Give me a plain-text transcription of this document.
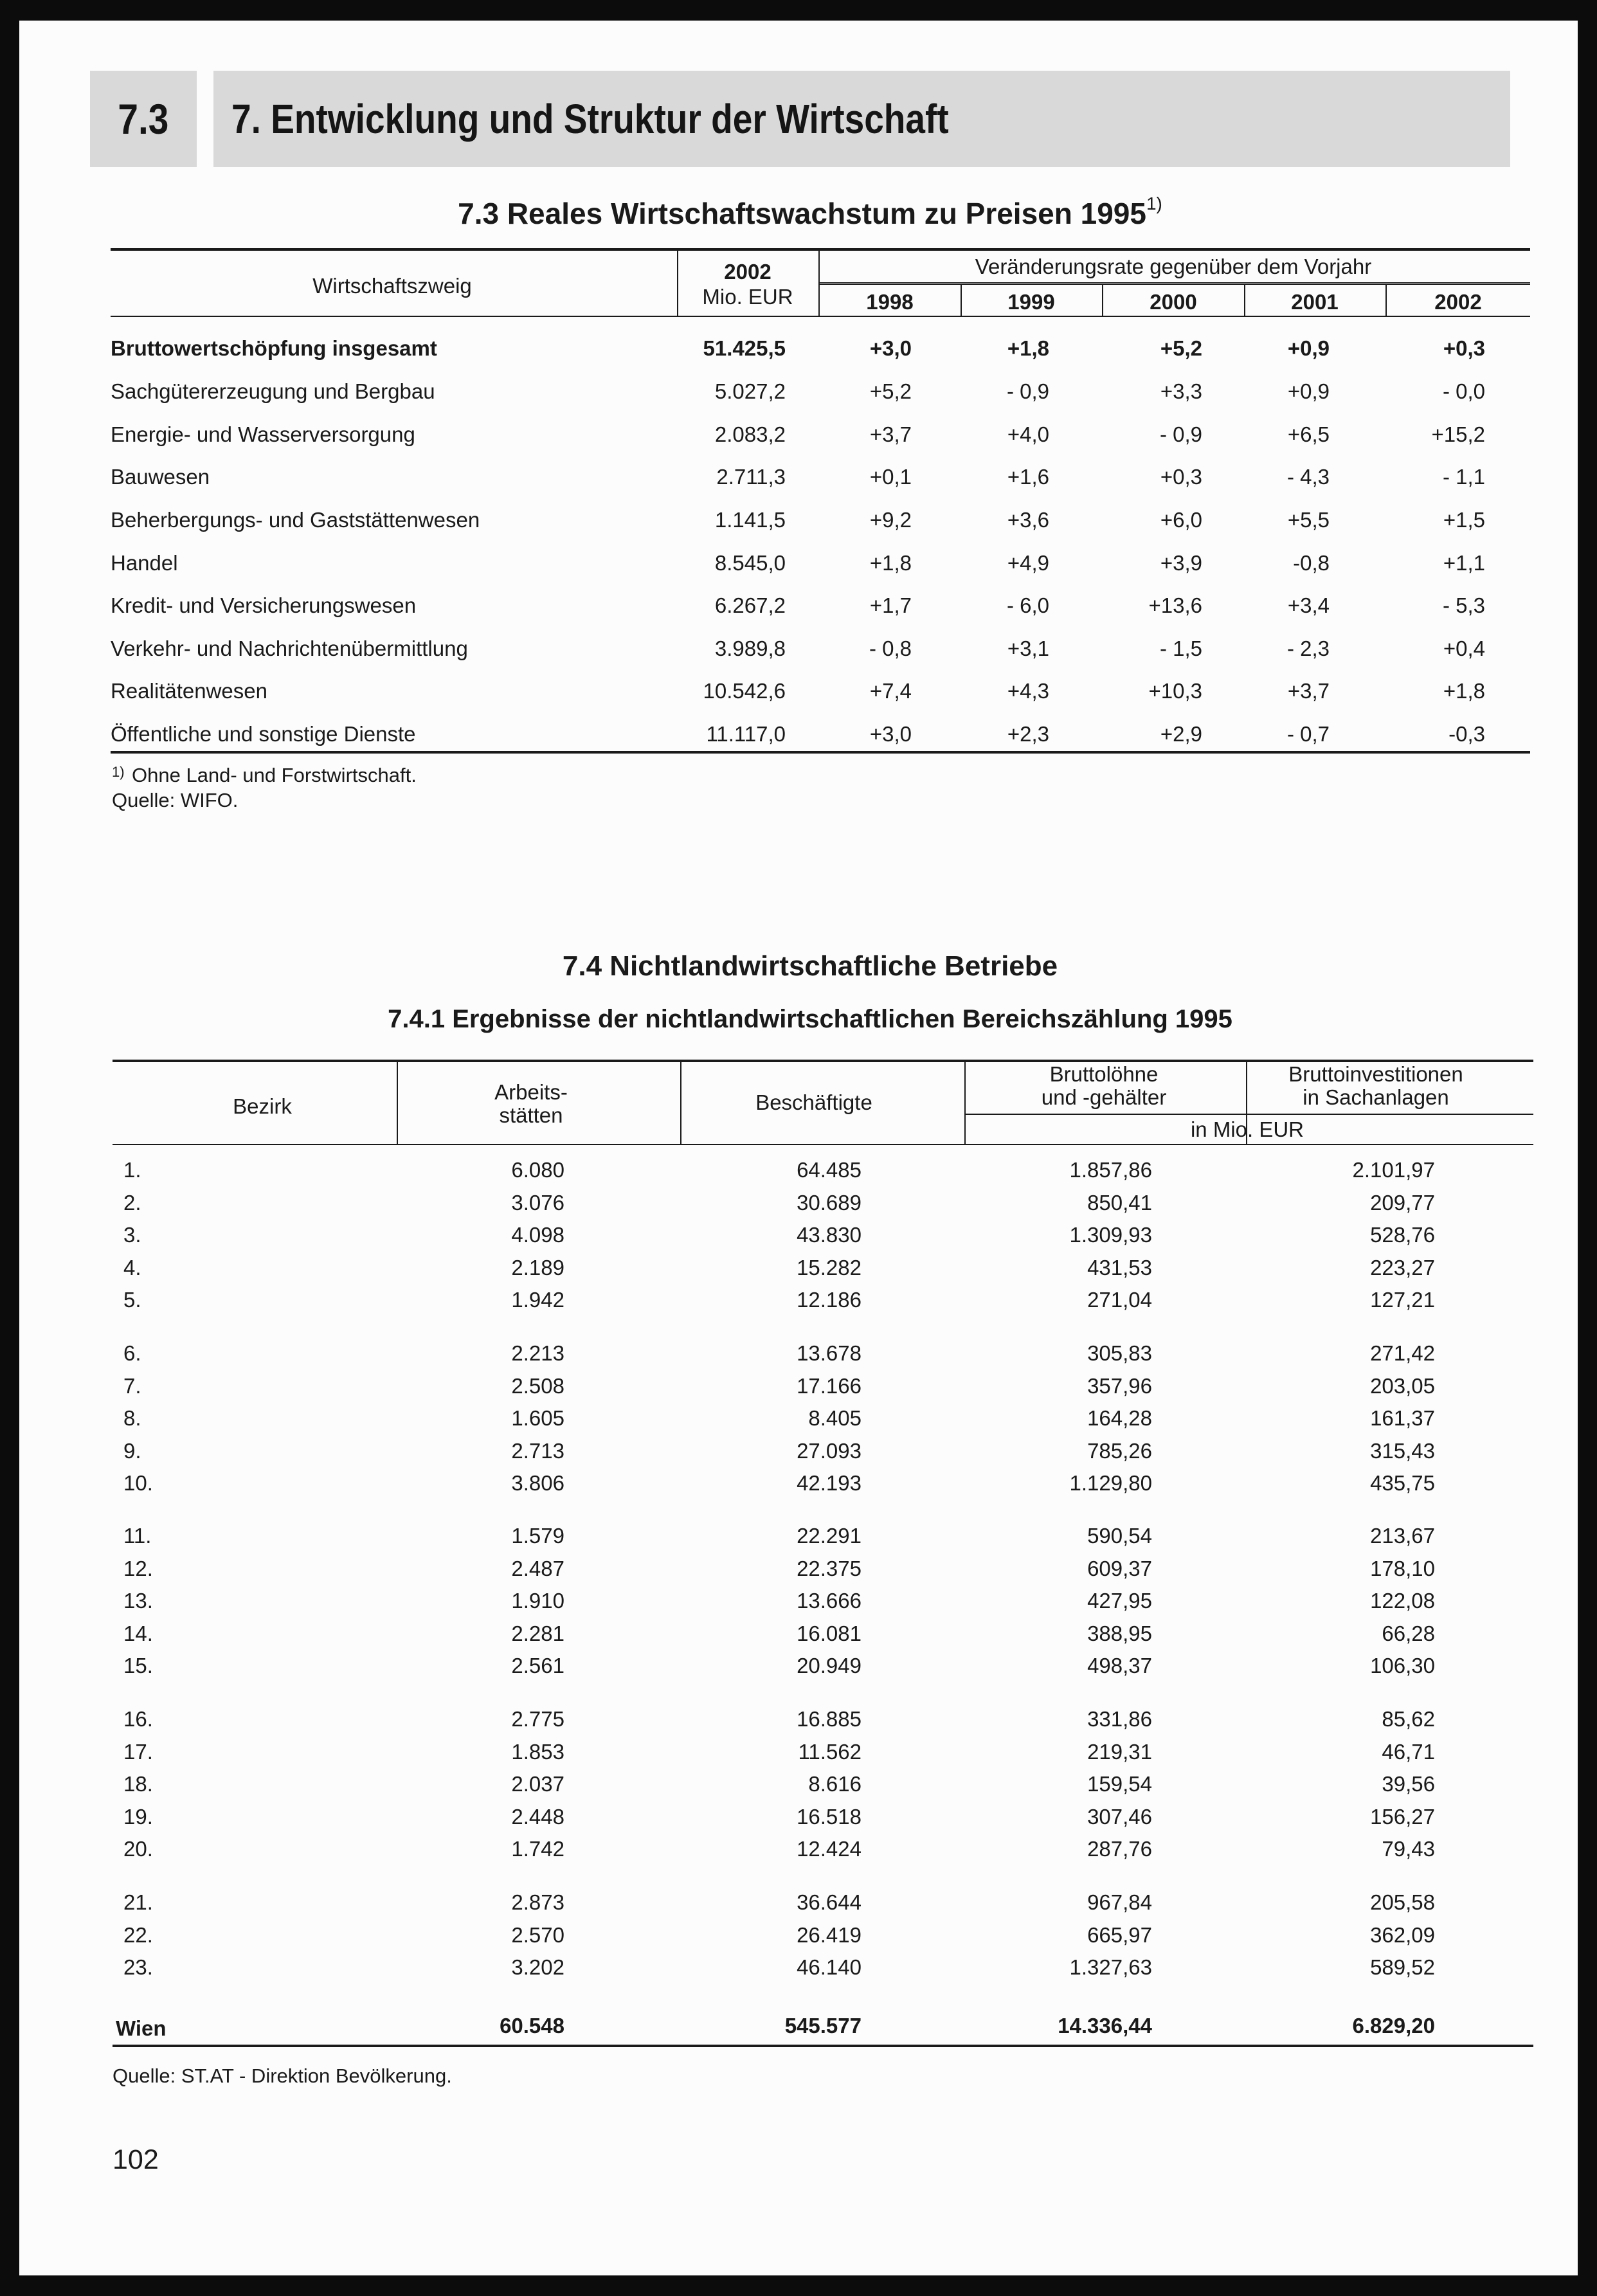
7.3 7. Entwicklung und Struktur der Wirtschaft
7.3 Reales Wirtschaftswachstum zu Preisen 1995$^{1)}$
Wirtschaftszweig
2002
Mio. EUR
Veränderungsrate gegenüber dem Vorjahr
1998	1999	2000	2001	2002
Bruttowertschöpfung insgesamt	51.425,5	+3,0	+1,8	+5,2	+0,9	+0,3
Sachgütererzeugung und Bergbau	5.027,2	+5,2	- 0,9	+3,3	+0,9	- 0,0
Energie- und Wasserversorgung	2.083,2	+3,7	+4,0	- 0,9	+6,5	+15,2
Bauwesen	2.711,3	+0,1	+1,6	+0,3	- 4,3	- 1,1
Beherbergungs- und Gaststättenwesen	1.141,5	+9,2	+3,6	+6,0	+5,5	+1,5
Handel	8.545,0	+1,8	+4,9	+3,9	-0,8	+1,1
Kredit- und Versicherungswesen	6.267,2	+1,7	- 6,0	+13,6	+3,4	- 5,3
Verkehr- und Nachrichtenübermittlung	3.989,8	- 0,8	+3,1	- 1,5	- 2,3	+0,4
Realitätenwesen	10.542,6	+7,4	+4,3	+10,3	+3,7	+1,8
Öffentliche und sonstige Dienste	11.117,0	+3,0	+2,3	+2,9	- 0,7	-0,3
1) Ohne Land- und Forstwirtschaft.
Quelle: WIFO.
7.4 Nichtlandwirtschaftliche Betriebe
7.4.1 Ergebnisse der nichtlandwirtschaftlichen Bereichszählung 1995
Bezirk
Arbeits-
stätten
Beschäftigte
Bruttolöhne
und -gehälter
Bruttoinvestitionen
in Sachanlagen
in Mio. EUR
1.	6.080	64.485	1.857,86	2.101,97
2.	3.076	30.689	850,41	209,77
3.	4.098	43.830	1.309,93	528,76
4.	2.189	15.282	431,53	223,27
5.	1.942	12.186	271,04	127,21
6.	2.213	13.678	305,83	271,42
7.	2.508	17.166	357,96	203,05
8.	1.605	8.405	164,28	161,37
9.	2.713	27.093	785,26	315,43
10.	3.806	42.193	1.129,80	435,75
11.	1.579	22.291	590,54	213,67
12.	2.487	22.375	609,37	178,10
13.	1.910	13.666	427,95	122,08
14.	2.281	16.081	388,95	66,28
15.	2.561	20.949	498,37	106,30
16.	2.775	16.885	331,86	85,62
17.	1.853	11.562	219,31	46,71
18.	2.037	8.616	159,54	39,56
19.	2.448	16.518	307,46	156,27
20.	1.742	12.424	287,76	79,43
21.	2.873	36.644	967,84	205,58
22.	2.570	26.419	665,97	362,09
23.	3.202	46.140	1.327,63	589,52
Wien	60.548	545.577	14.336,44	6.829,20
Quelle: ST.AT - Direktion Bevölkerung.
102
